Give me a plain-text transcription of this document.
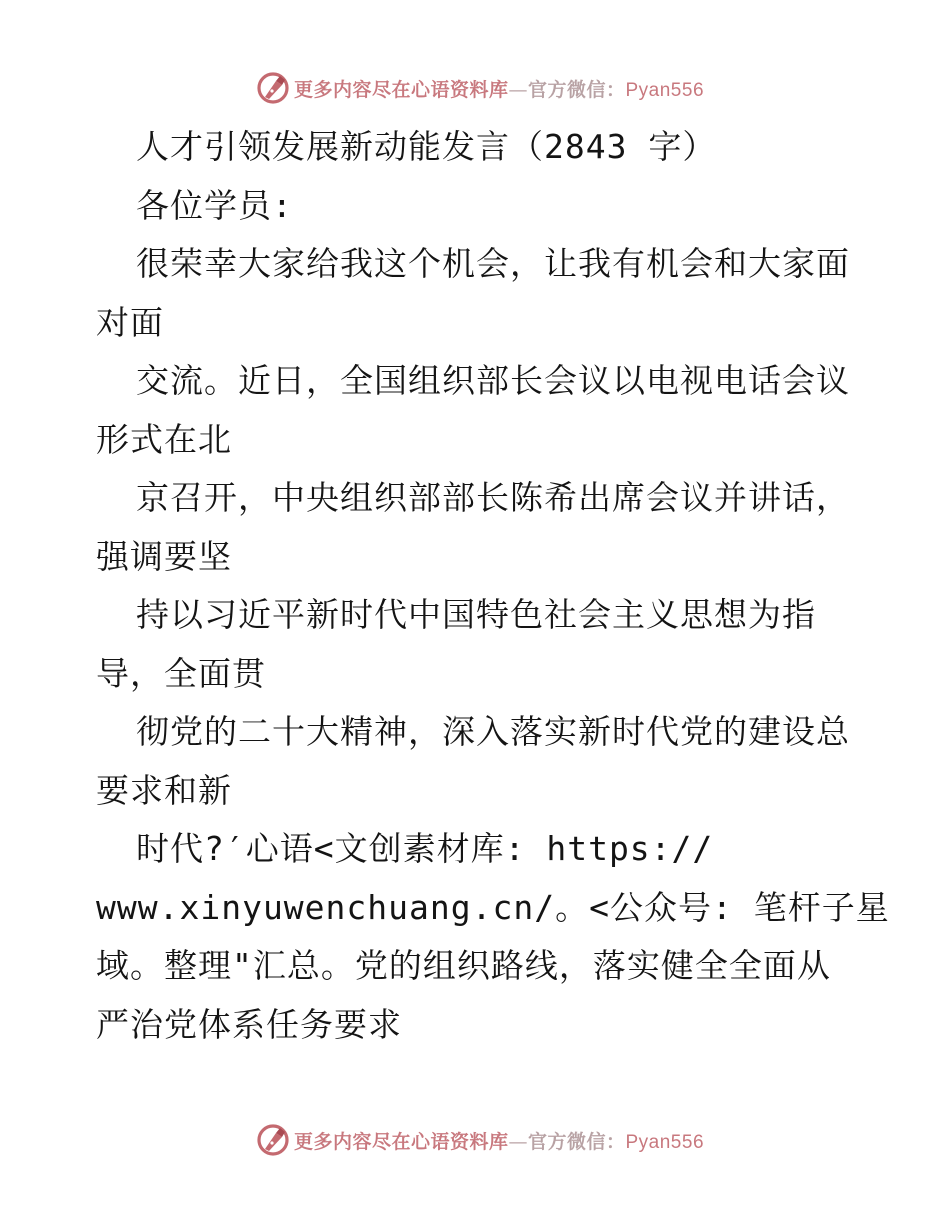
更多内容尽在心语资料库—官方微信：Pyan556
人才引领发展新动能发言（2843 字）
各位学员:
很荣幸大家给我这个机会，让我有机会和大家面
对面
交流。近日，全国组织部长会议以电视电话会议
形式在北
京召开，中央组织部部长陈希出席会议并讲话，
强调要坚
持以习近平新时代中国特色社会主义思想为指
导，全面贯
彻党的二十大精神，深入落实新时代党的建设总
要求和新
时代?′心语<文创素材库: https://
www.xinyuwenchuang.cn/。<公众号: 笔杆子星
域。整理"汇总。党的组织路线，落实健全全面从
严治党体系任务要求
更多内容尽在心语资料库—官方微信：Pyan556
